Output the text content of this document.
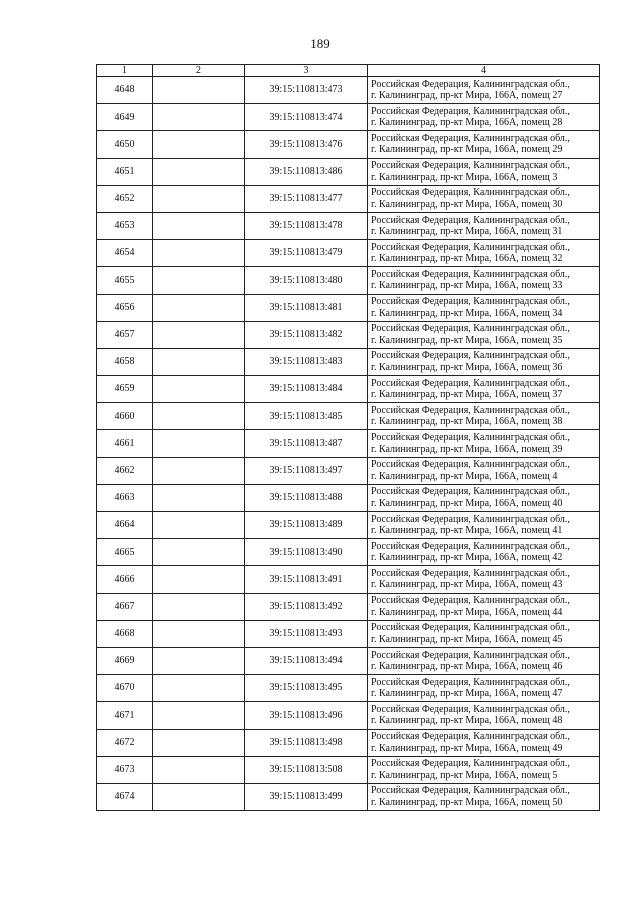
189
1	2	3	4
4648		39:15:110813:473	Российская Федерация, Калининградская обл.,
г. Калининград, пр-кт Мира, 166А, помещ 27

4649		39:15:110813:474	Российская Федерация, Калининградская обл.,
г. Калининград, пр-кт Мира, 166А, помещ 28

4650		39:15:110813:476	Российская Федерация, Калининградская обл.,
г. Калининград, пр-кт Мира, 166А, помещ 29

4651		39:15:110813:486	Российская Федерация, Калининградская обл.,
г. Калининград, пр-кт Мира, 166А, помещ 3

4652		39:15:110813:477	Российская Федерация, Калининградская обл.,
г. Калининград, пр-кт Мира, 166А, помещ 30

4653		39:15:110813:478	Российская Федерация, Калининградская обл.,
г. Калининград, пр-кт Мира, 166А, помещ 31

4654		39:15:110813:479	Российская Федерация, Калининградская обл.,
г. Калининград, пр-кт Мира, 166А, помещ 32

4655		39:15:110813:480	Российская Федерация, Калининградская обл.,
г. Калининград, пр-кт Мира, 166А, помещ 33

4656		39:15:110813:481	Российская Федерация, Калининградская обл.,
г. Калининград, пр-кт Мира, 166А, помещ 34

4657		39:15:110813:482	Российская Федерация, Калининградская обл.,
г. Калининград, пр-кт Мира, 166А, помещ 35

4658		39:15:110813:483	Российская Федерация, Калининградская обл.,
г. Калининград, пр-кт Мира, 166А, помещ 36

4659		39:15:110813:484	Российская Федерация, Калининградская обл.,
г. Калининград, пр-кт Мира, 166А, помещ 37

4660		39:15:110813:485	Российская Федерация, Калининградская обл.,
г. Калининград, пр-кт Мира, 166А, помещ 38

4661		39:15:110813:487	Российская Федерация, Калининградская обл.,
г. Калининград, пр-кт Мира, 166А, помещ 39

4662		39:15:110813:497	Российская Федерация, Калининградская обл.,
г. Калининград, пр-кт Мира, 166А, помещ 4

4663		39:15:110813:488	Российская Федерация, Калининградская обл.,
г. Калининград, пр-кт Мира, 166А, помещ 40

4664		39:15:110813:489	Российская Федерация, Калининградская обл.,
г. Калининград, пр-кт Мира, 166А, помещ 41

4665		39:15:110813:490	Российская Федерация, Калининградская обл.,
г. Калининград, пр-кт Мира, 166А, помещ 42

4666		39:15:110813:491	Российская Федерация, Калининградская обл.,
г. Калининград, пр-кт Мира, 166А, помещ 43

4667		39:15:110813:492	Российская Федерация, Калининградская обл.,
г. Калининград, пр-кт Мира, 166А, помещ 44

4668		39:15:110813:493	Российская Федерация, Калининградская обл.,
г. Калининград, пр-кт Мира, 166А, помещ 45

4669		39:15:110813:494	Российская Федерация, Калининградская обл.,
г. Калининград, пр-кт Мира, 166А, помещ 46

4670		39:15:110813:495	Российская Федерация, Калининградская обл.,
г. Калининград, пр-кт Мира, 166А, помещ 47

4671		39:15:110813:496	Российская Федерация, Калининградская обл.,
г. Калининград, пр-кт Мира, 166А, помещ 48

4672		39:15:110813:498	Российская Федерация, Калининградская обл.,
г. Калининград, пр-кт Мира, 166А, помещ 49

4673		39:15:110813:508	Российская Федерация, Калининградская обл.,
г. Калининград, пр-кт Мира, 166А, помещ 5

4674		39:15:110813:499	Российская Федерация, Калининградская обл.,
г. Калининград, пр-кт Мира, 166А, помещ 50
